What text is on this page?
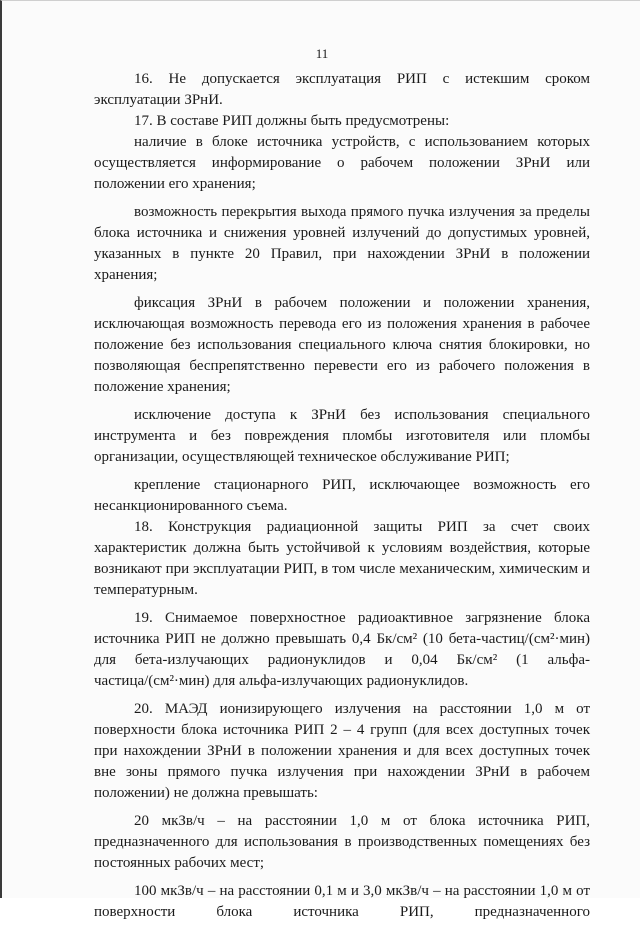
11

16. Не допускается эксплуатация РИП с истекшим сроком эксплуатации ЗРнИ.

17. В составе РИП должны быть предусмотрены:

наличие в блоке источника устройств, с использованием которых осуществляется информирование о рабочем положении ЗРнИ или положении его хранения;

возможность перекрытия выхода прямого пучка излучения за пределы блока источника и снижения уровней излучений до допустимых уровней, указанных в пункте 20 Правил, при нахождении ЗРнИ в положении хранения;

фиксация ЗРнИ в рабочем положении и положении хранения, исключающая возможность перевода его из положения хранения в рабочее положение без использования специального ключа снятия блокировки, но позволяющая беспрепятственно перевести его из рабочего положения в положение хранения;

исключение доступа к ЗРнИ без использования специального инструмента и без повреждения пломбы изготовителя или пломбы организации, осуществляющей техническое обслуживание РИП;

крепление стационарного РИП, исключающее возможность его несанкционированного съема.

18. Конструкция радиационной защиты РИП за счет своих характеристик должна быть устойчивой к условиям воздействия, которые возникают при эксплуатации РИП, в том числе механическим, химическим и температурным.

19. Снимаемое поверхностное радиоактивное загрязнение блока источника РИП не должно превышать 0,4 Бк/см² (10 бета-частиц/(см²·мин) для бета-излучающих радионуклидов и 0,04 Бк/см² (1 альфа-частица/(см²·мин) для альфа-излучающих радионуклидов.

20. МАЭД ионизирующего излучения на расстоянии 1,0 м от поверхности блока источника РИП 2 – 4 групп (для всех доступных точек при нахождении ЗРнИ в положении хранения и для всех доступных точек вне зоны прямого пучка излучения при нахождении ЗРнИ в рабочем положении) не должна превышать:

20 мкЗв/ч – на расстоянии 1,0 м от блока источника РИП, предназначенного для использования в производственных помещениях без постоянных рабочих мест;

100 мкЗв/ч – на расстоянии 0,1 м и 3,0 мкЗв/ч – на расстоянии 1,0 м от поверхности блока источника РИП, предназначенного
